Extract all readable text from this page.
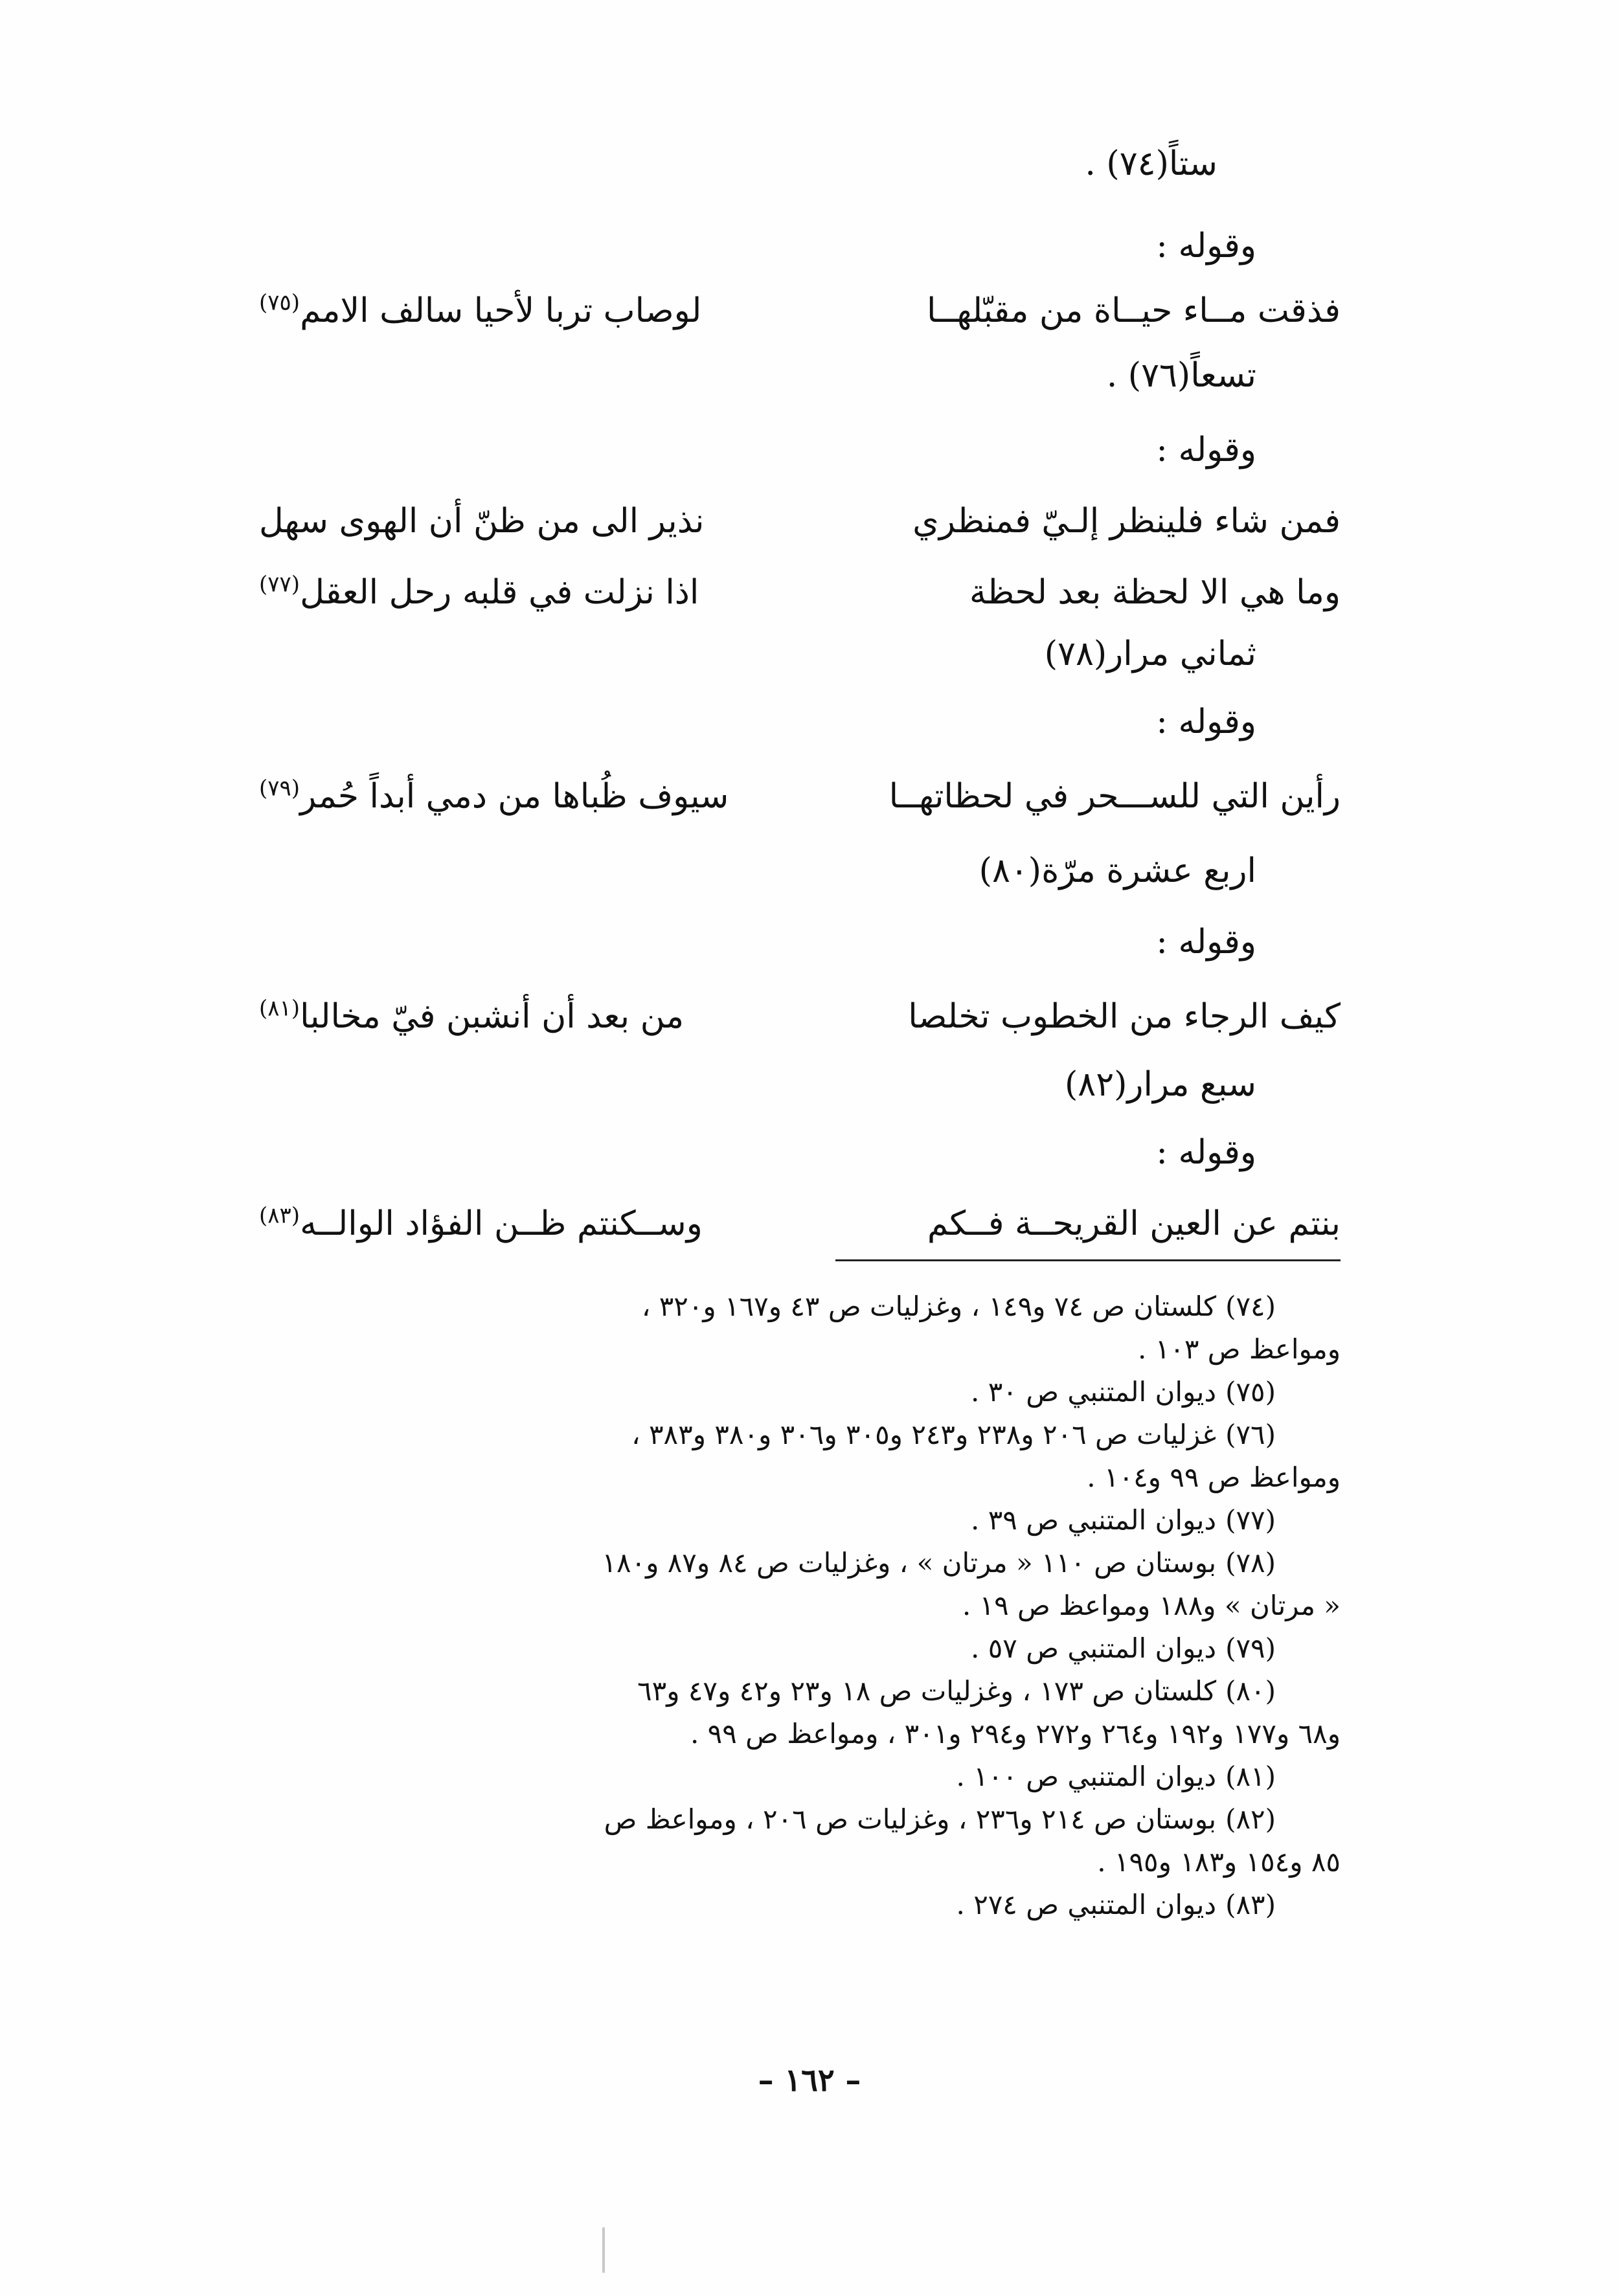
ستاً(٧٤) .
وقوله :
فذقت مــاء حيــاة من مقبّلهــا
لوصاب تربا لأحيا سالف الامم$^{(٧٥)}$
تسعاً(٧٦) .
وقوله :
فمن شاء فلينظر إلـيّ فمنظري
نذير الى من ظنّ أن الهوى سهل
وما هي الا لحظة بعد لحظة
اذا نزلت في قلبه رحل العقل$^{(٧٧)}$
ثماني مرار(٧٨)
وقوله :
رأين التي للســـحر في لحظاتهــا
سيوف ظُباها من دمي أبداً حُمر$^{(٧٩)}$
اربع عشرة مرّة(٨٠)
وقوله :
كيف الرجاء من الخطوب تخلصا
من بعد أن أنشبن فيّ مخالبا$^{(٨١)}$
سبع مرار(٨٢)
وقوله :
بنتم عن العين القريحــة فــكم
وســكنتم ظــن الفؤاد الوالــه$^{(٨٣)}$
(٧٤)كلستان ص ٧٤ و١٤٩ ، وغزليات ص ٤٣ و١٦٧ و٣٢٠ ،
ومواعظ ص ١٠٣ .
(٧٥)ديوان المتنبي ص ٣٠ .
(٧٦)غزليات ص ٢٠٦ و٢٣٨ و٢٤٣ و٣٠٥ و٣٠٦ و٣٨٠ و٣٨٣ ،
ومواعظ ص ٩٩ و١٠٤ .
(٧٧)ديوان المتنبي ص ٣٩ .
(٧٨)بوستان ص ١١٠ « مرتان » ، وغزليات ص ٨٤ و٨٧ و١٨٠
« مرتان » و١٨٨ ومواعظ ص ١٩ .
(٧٩)ديوان المتنبي ص ٥٧ .
(٨٠)كلستان ص ١٧٣ ، وغزليات ص ١٨ و٢٣ و٤٢ و٤٧ و٦٣
و٦٨ و١٧٧ و١٩٢ و٢٦٤ و٢٧٢ و٢٩٤ و٣٠١ ، ومواعظ ص ٩٩ .
(٨١)ديوان المتنبي ص ١٠٠ .
(٨٢)بوستان ص ٢١٤ و٢٣٦ ، وغزليات ص ٢٠٦ ، ومواعظ ص
٨٥ و١٥٤ و١٨٣ و١٩٥ .
(٨٣)ديوان المتنبي ص ٢٧٤ .
– ١٦٢ –
